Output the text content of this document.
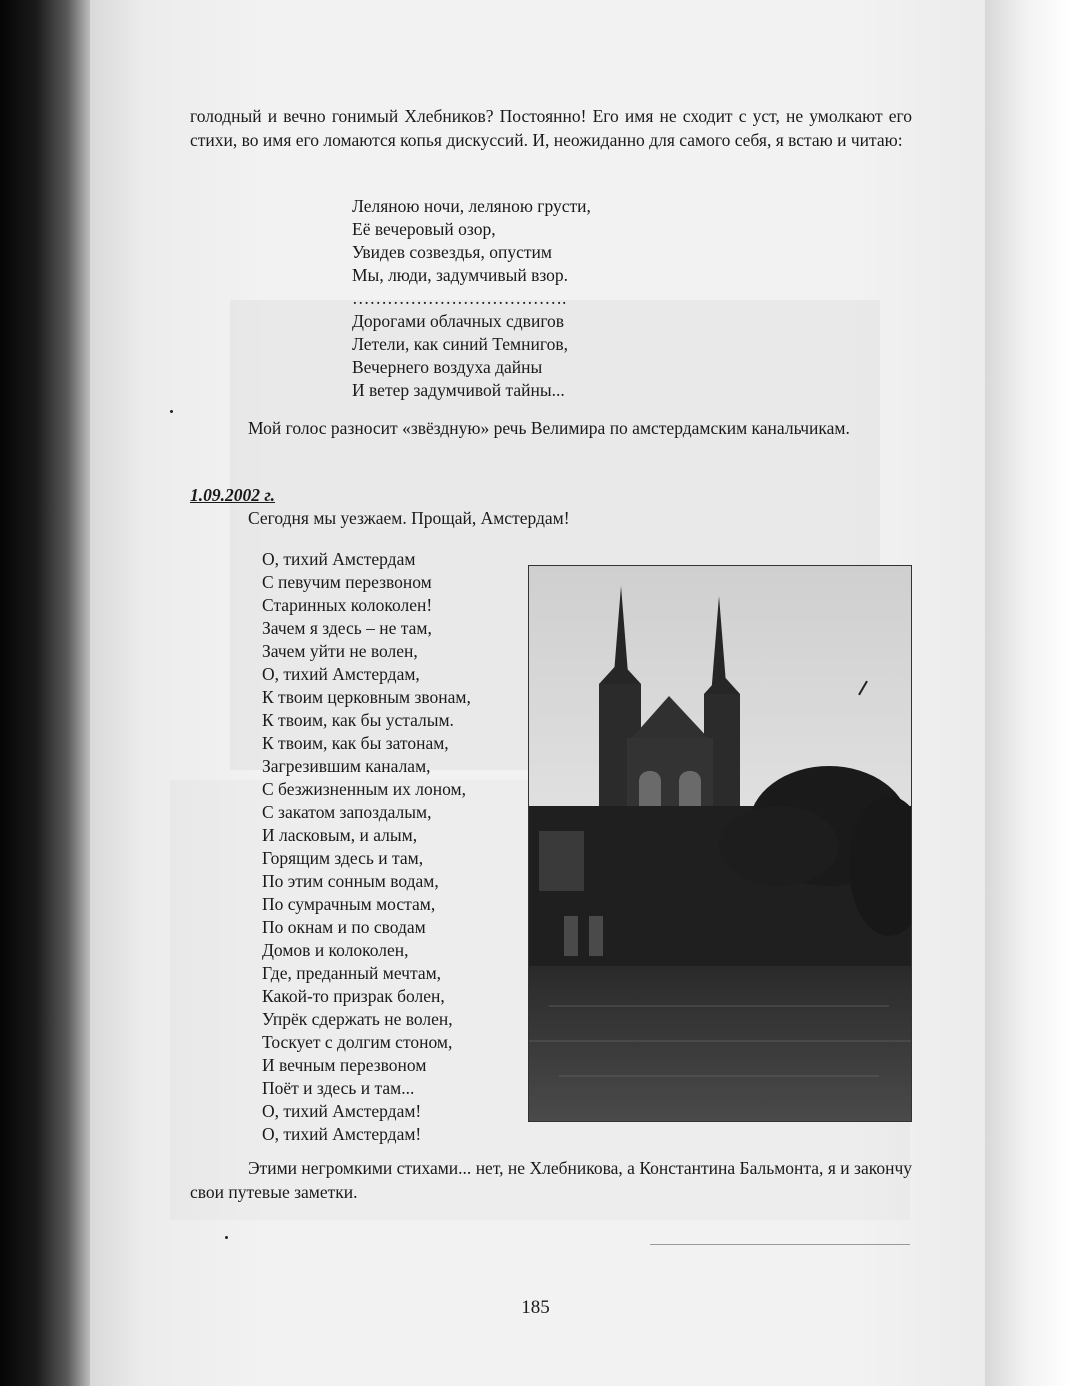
голодный и вечно гонимый Хлебников? Постоянно! Его имя не сходит с уст, не умолкают его стихи, во имя его ломаются копья дискуссий. И, неожиданно для самого себя, я встаю и читаю:

Леляною ночи, леляною грусти,
Её вечеровый озор,
Увидев созвездья, опустим
Мы, люди, задумчивый взор.
……………………………….
Дорогами облачных сдвигов
Летели, как синий Темнигов,
Вечернего воздуха дайны
И ветер задумчивой тайны...

Мой голос разносит «звёздную» речь Велимира по амстердамским канальчикам.

1.09.2002 г.
Сегодня мы уезжаем. Прощай, Амстердам!
О, тихий Амстердам
С певучим перезвоном
Старинных колоколен!
Зачем я здесь – не там,
Зачем уйти не волен,
О, тихий Амстердам,
К твоим церковным звонам,
К твоим, как бы усталым.
К твоим, как бы затонам,
Загрезившим каналам,
С безжизненным их лоном,
С закатом запоздалым,
И ласковым, и алым,
Горящим здесь и там,
По этим сонным водам,
По сумрачным мостам,
По окнам и по сводам
Домов и колоколен,
Где, преданный мечтам,
Какой-то призрак болен,
Упрёк сдержать не волен,
Тоскует с долгим стоном,
И вечным перезвоном
Поёт и здесь и там...
О, тихий Амстердам!
О, тихий Амстердам!

Этими негромкими стихами... нет, не Хлебникова, а Константина Бальмонта, я и закончу свои путевые заметки.

185
